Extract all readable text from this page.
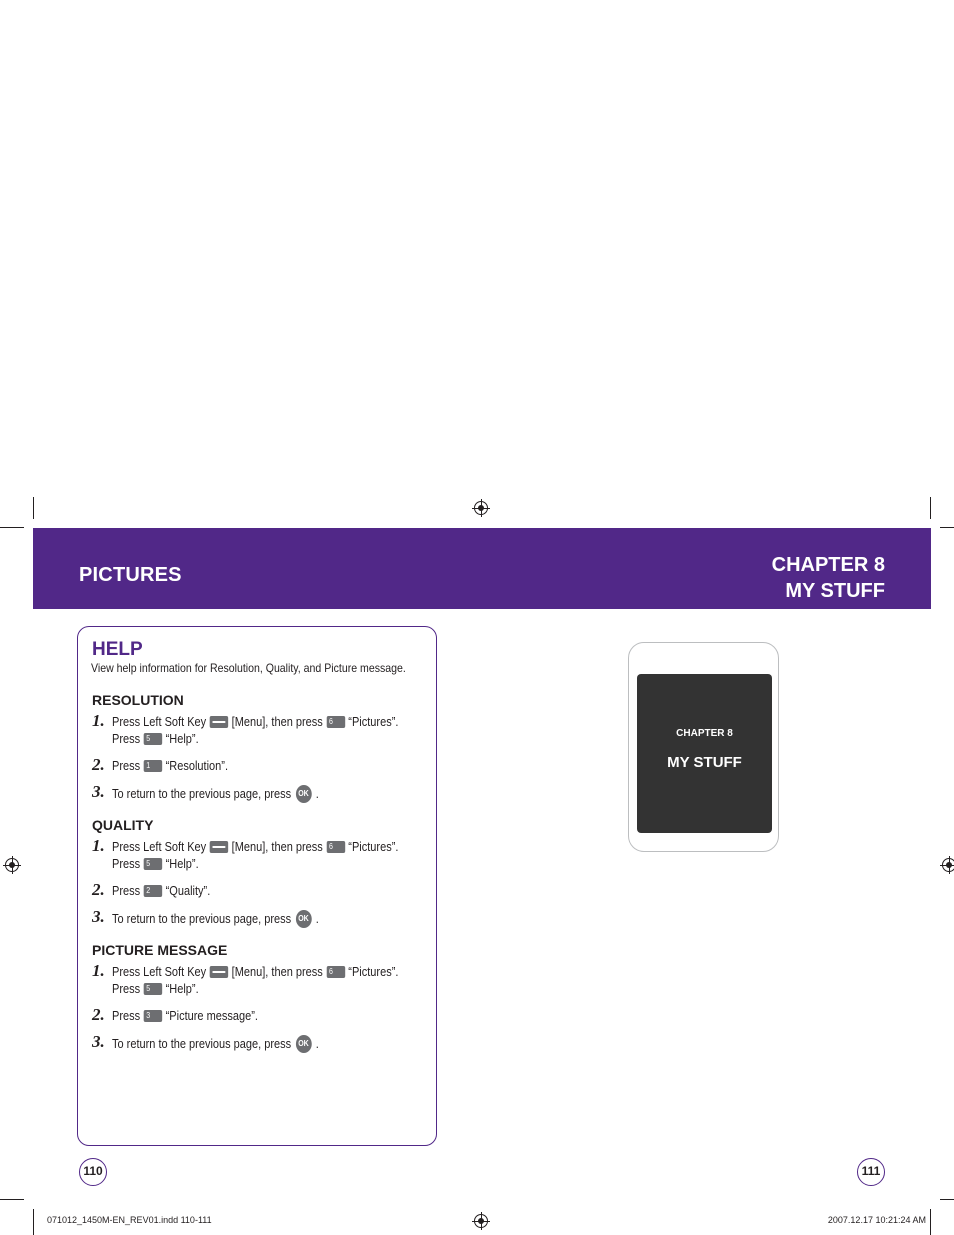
PICTURES	CHAPTER 8
MY STUFF
HELP
View help information for Resolution, Quality, and Picture message.
RESOLUTION
1. Press Left Soft Key [Menu], then press 6	“Pictures”.
Press 5	“Help”.
2. Press 1	“Resolution”.
3. To return to the previous page, press OK .
QUALITY
1. Press Left Soft Key [Menu], then press 6	“Pictures”.
Press 5	“Help”.
2. Press 2	“Quality”.
3. To return to the previous page, press OK .
PICTURE MESSAGE
1. Press Left Soft Key [Menu], then press 6	“Pictures”.
Press 5	“Help”.
2. Press 3	“Picture message”.
3. To return to the previous page, press OK .
CHAPTER 8
MY STUFF
110	111
071012_1450M-EN_REV01.indd 110-111	2007.12.17 10:21:24 AM
